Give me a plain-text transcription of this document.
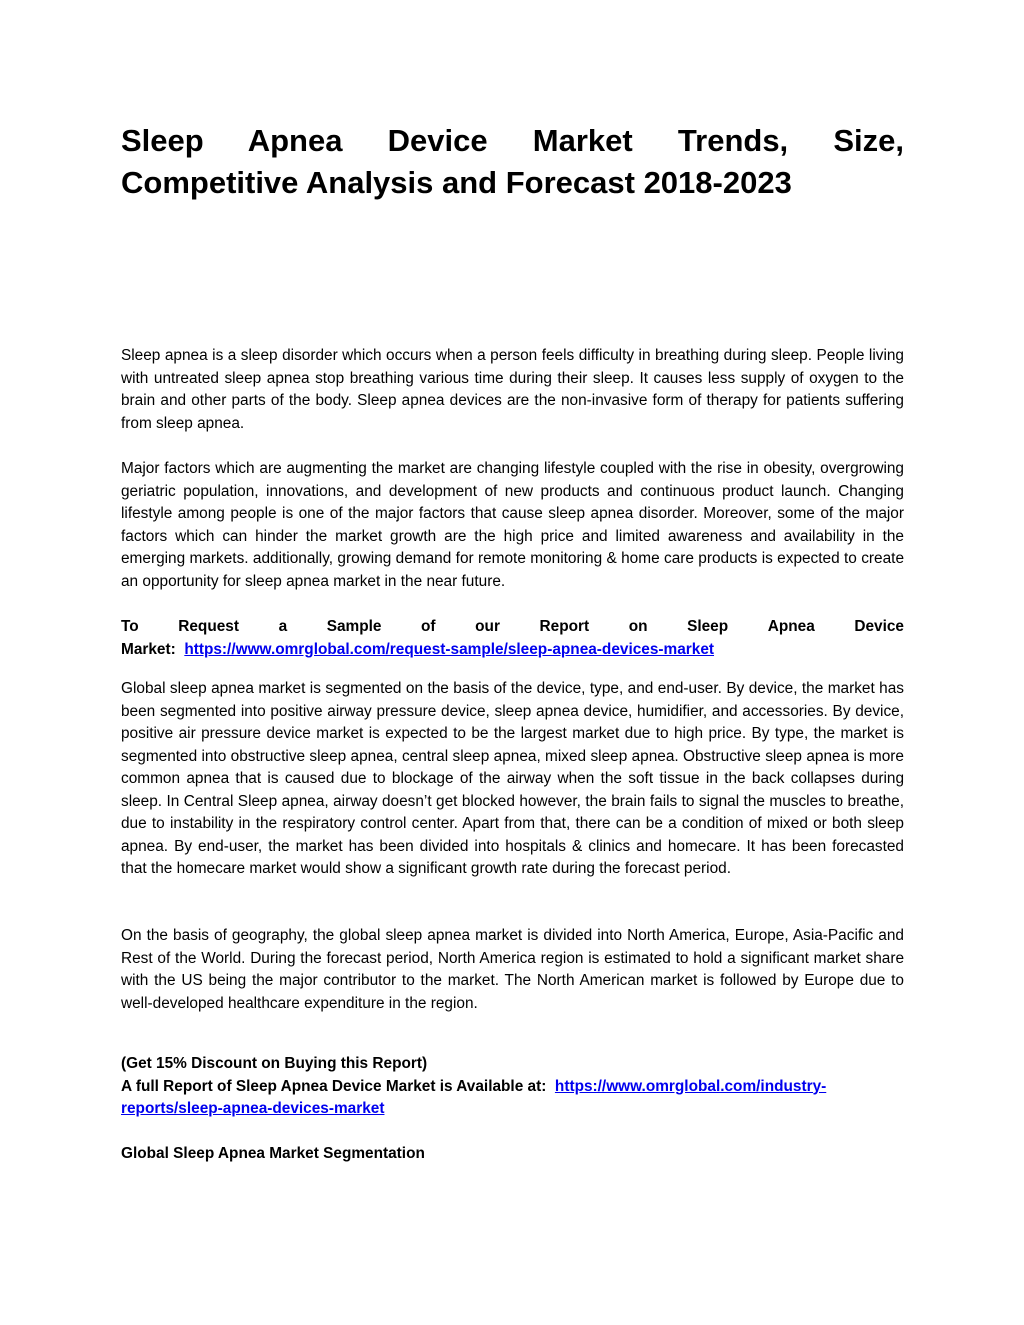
Sleep Apnea Device Market Trends, Size, Competitive Analysis and Forecast 2018-2023

Sleep apnea is a sleep disorder which occurs when a person feels difficulty in breathing during sleep. People living with untreated sleep apnea stop breathing various time during their sleep. It causes less supply of oxygen to the brain and other parts of the body. Sleep apnea devices are the non-invasive form of therapy for patients suffering from sleep apnea.

Major factors which are augmenting the market are changing lifestyle coupled with the rise in obesity, overgrowing geriatric population, innovations, and development of new products and continuous product launch. Changing lifestyle among people is one of the major factors that cause sleep apnea disorder. Moreover, some of the major factors which can hinder the market growth are the high price and limited awareness and availability in the emerging markets. additionally, growing demand for remote monitoring & home care products is expected to create an opportunity for sleep apnea market in the near future.

To	Request	a	Sample	of	our	Report	on	Sleep	Apnea	Device
Market: https://www.omrglobal.com/request-sample/sleep-apnea-devices-market

Global sleep apnea market is segmented on the basis of the device, type, and end-user. By device, the market has been segmented into positive airway pressure device, sleep apnea device, humidifier, and accessories. By device, positive air pressure device market is expected to be the largest market due to high price. By type, the market is segmented into obstructive sleep apnea, central sleep apnea, mixed sleep apnea. Obstructive sleep apnea is more common apnea that is caused due to blockage of the airway when the soft tissue in the back collapses during sleep. In Central Sleep apnea, airway doesn’t get blocked however, the brain fails to signal the muscles to breathe, due to instability in the respiratory control center. Apart from that, there can be a condition of mixed or both sleep apnea. By end-user, the market has been divided into hospitals & clinics and homecare. It has been forecasted that the homecare market would show a significant growth rate during the forecast period.

On the basis of geography, the global sleep apnea market is divided into North America, Europe, Asia-Pacific and Rest of the World. During the forecast period, North America region is estimated to hold a significant market share with the US being the major contributor to the market. The North American market is followed by Europe due to well-developed healthcare expenditure in the region.

(Get 15% Discount on Buying this Report)
A full Report of Sleep Apnea Device Market is Available at: https://www.omrglobal.com/industry-reports/sleep-apnea-devices-market
Global Sleep Apnea Market Segmentation
